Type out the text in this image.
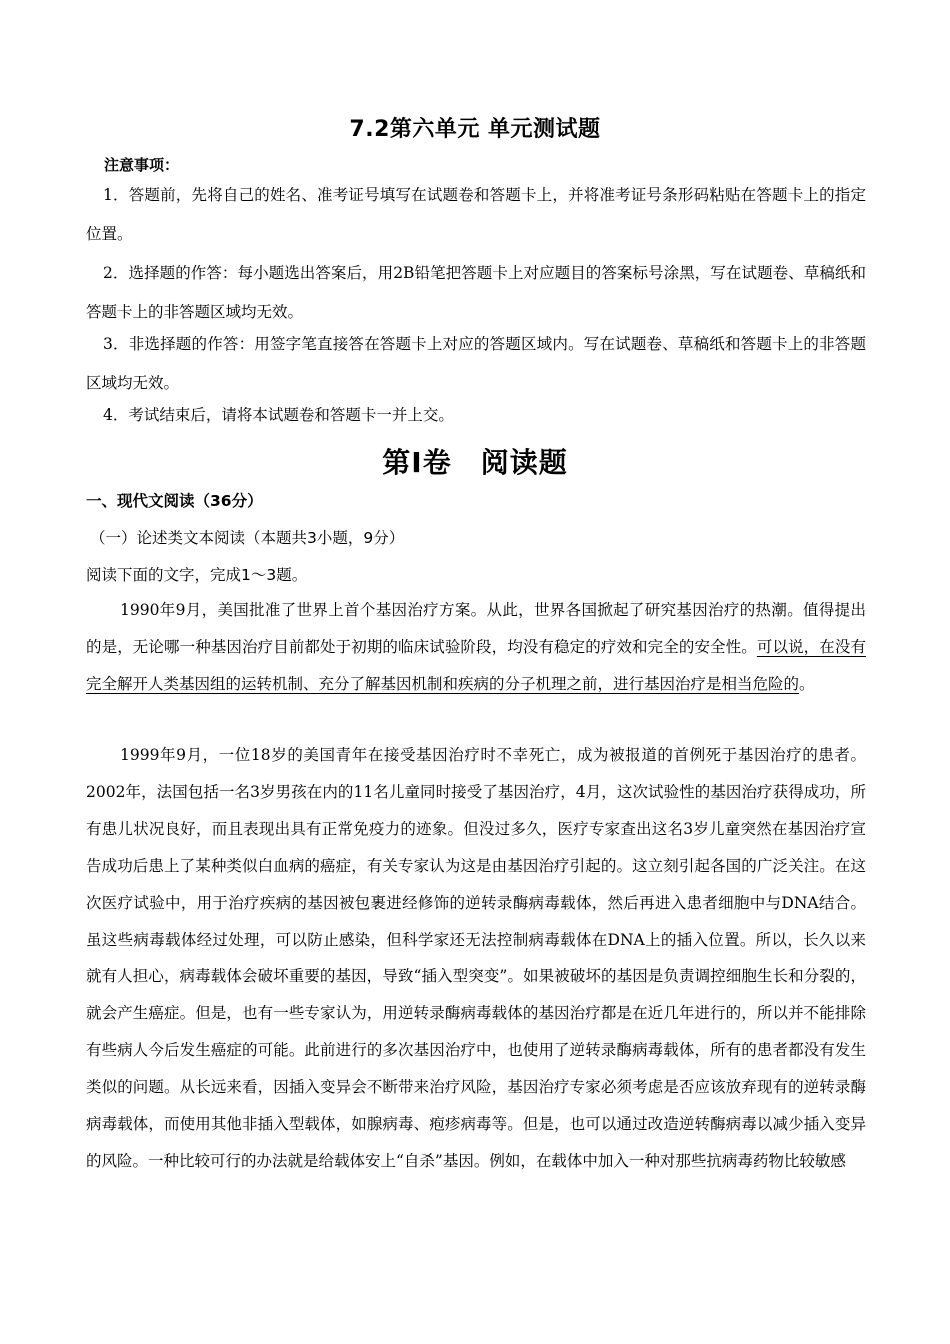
7.2第六单元 单元测试题
注意事项：

1．答题前，先将自己的姓名、准考证号填写在试题卷和答题卡上，并将准考证号条形码粘贴在答题卡上的指定位置。

2．选择题的作答：每小题选出答案后，用2B铅笔把答题卡上对应题目的答案标号涂黑，写在试题卷、草稿纸和答题卡上的非答题区域均无效。

3．非选择题的作答：用签字笔直接答在答题卡上对应的答题区域内。写在试题卷、草稿纸和答题卡上的非答题区域均无效。

4．考试结束后，请将本试题卷和答题卡一并上交。

第Ⅰ卷　阅读题
一、现代文阅读（36分）
（一）论述类文本阅读（本题共3小题，9分）
阅读下面的文字，完成1～3题。

1990年9月，美国批准了世界上首个基因治疗方案。从此，世界各国掀起了研究基因治疗的热潮。值得提出的是，无论哪一种基因治疗目前都处于初期的临床试验阶段，均没有稳定的疗效和完全的安全性。可以说，在没有完全解开人类基因组的运转机制、充分了解基因机制和疾病的分子机理之前，进行基因治疗是相当危险的。

1999年9月，一位18岁的美国青年在接受基因治疗时不幸死亡，成为被报道的首例死于基因治疗的患者。2002年，法国包括一名3岁男孩在内的11名儿童同时接受了基因治疗，4月，这次试验性的基因治疗获得成功，所有患儿状况良好，而且表现出具有正常免疫力的迹象。但没过多久，医疗专家查出这名3岁儿童突然在基因治疗宣告成功后患上了某种类似白血病的癌症，有关专家认为这是由基因治疗引起的。这立刻引起各国的广泛关注。在这次医疗试验中，用于治疗疾病的基因被包裹进经修饰的逆转录酶病毒载体，然后再进入患者细胞中与DNA结合。虽这些病毒载体经过处理，可以防止感染，但科学家还无法控制病毒载体在DNA上的插入位置。所以，长久以来就有人担心，病毒载体会破坏重要的基因，导致“插入型突变”。如果被破坏的基因是负责调控细胞生长和分裂的，就会产生癌症。但是，也有一些专家认为，用逆转录酶病毒载体的基因治疗都是在近几年进行的，所以并不能排除有些病人今后发生癌症的可能。此前进行的多次基因治疗中，也使用了逆转录酶病毒载体，所有的患者都没有发生类似的问题。从长远来看，因插入变异会不断带来治疗风险，基因治疗专家必须考虑是否应该放弃现有的逆转录酶病毒载体，而使用其他非插入型载体，如腺病毒、疱疹病毒等。但是，也可以通过改造逆转酶病毒以减少插入变异的风险。一种比较可行的办法就是给载体安上“自杀”基因。例如，在载体中加入一种对那些抗病毒药物比较敏感
